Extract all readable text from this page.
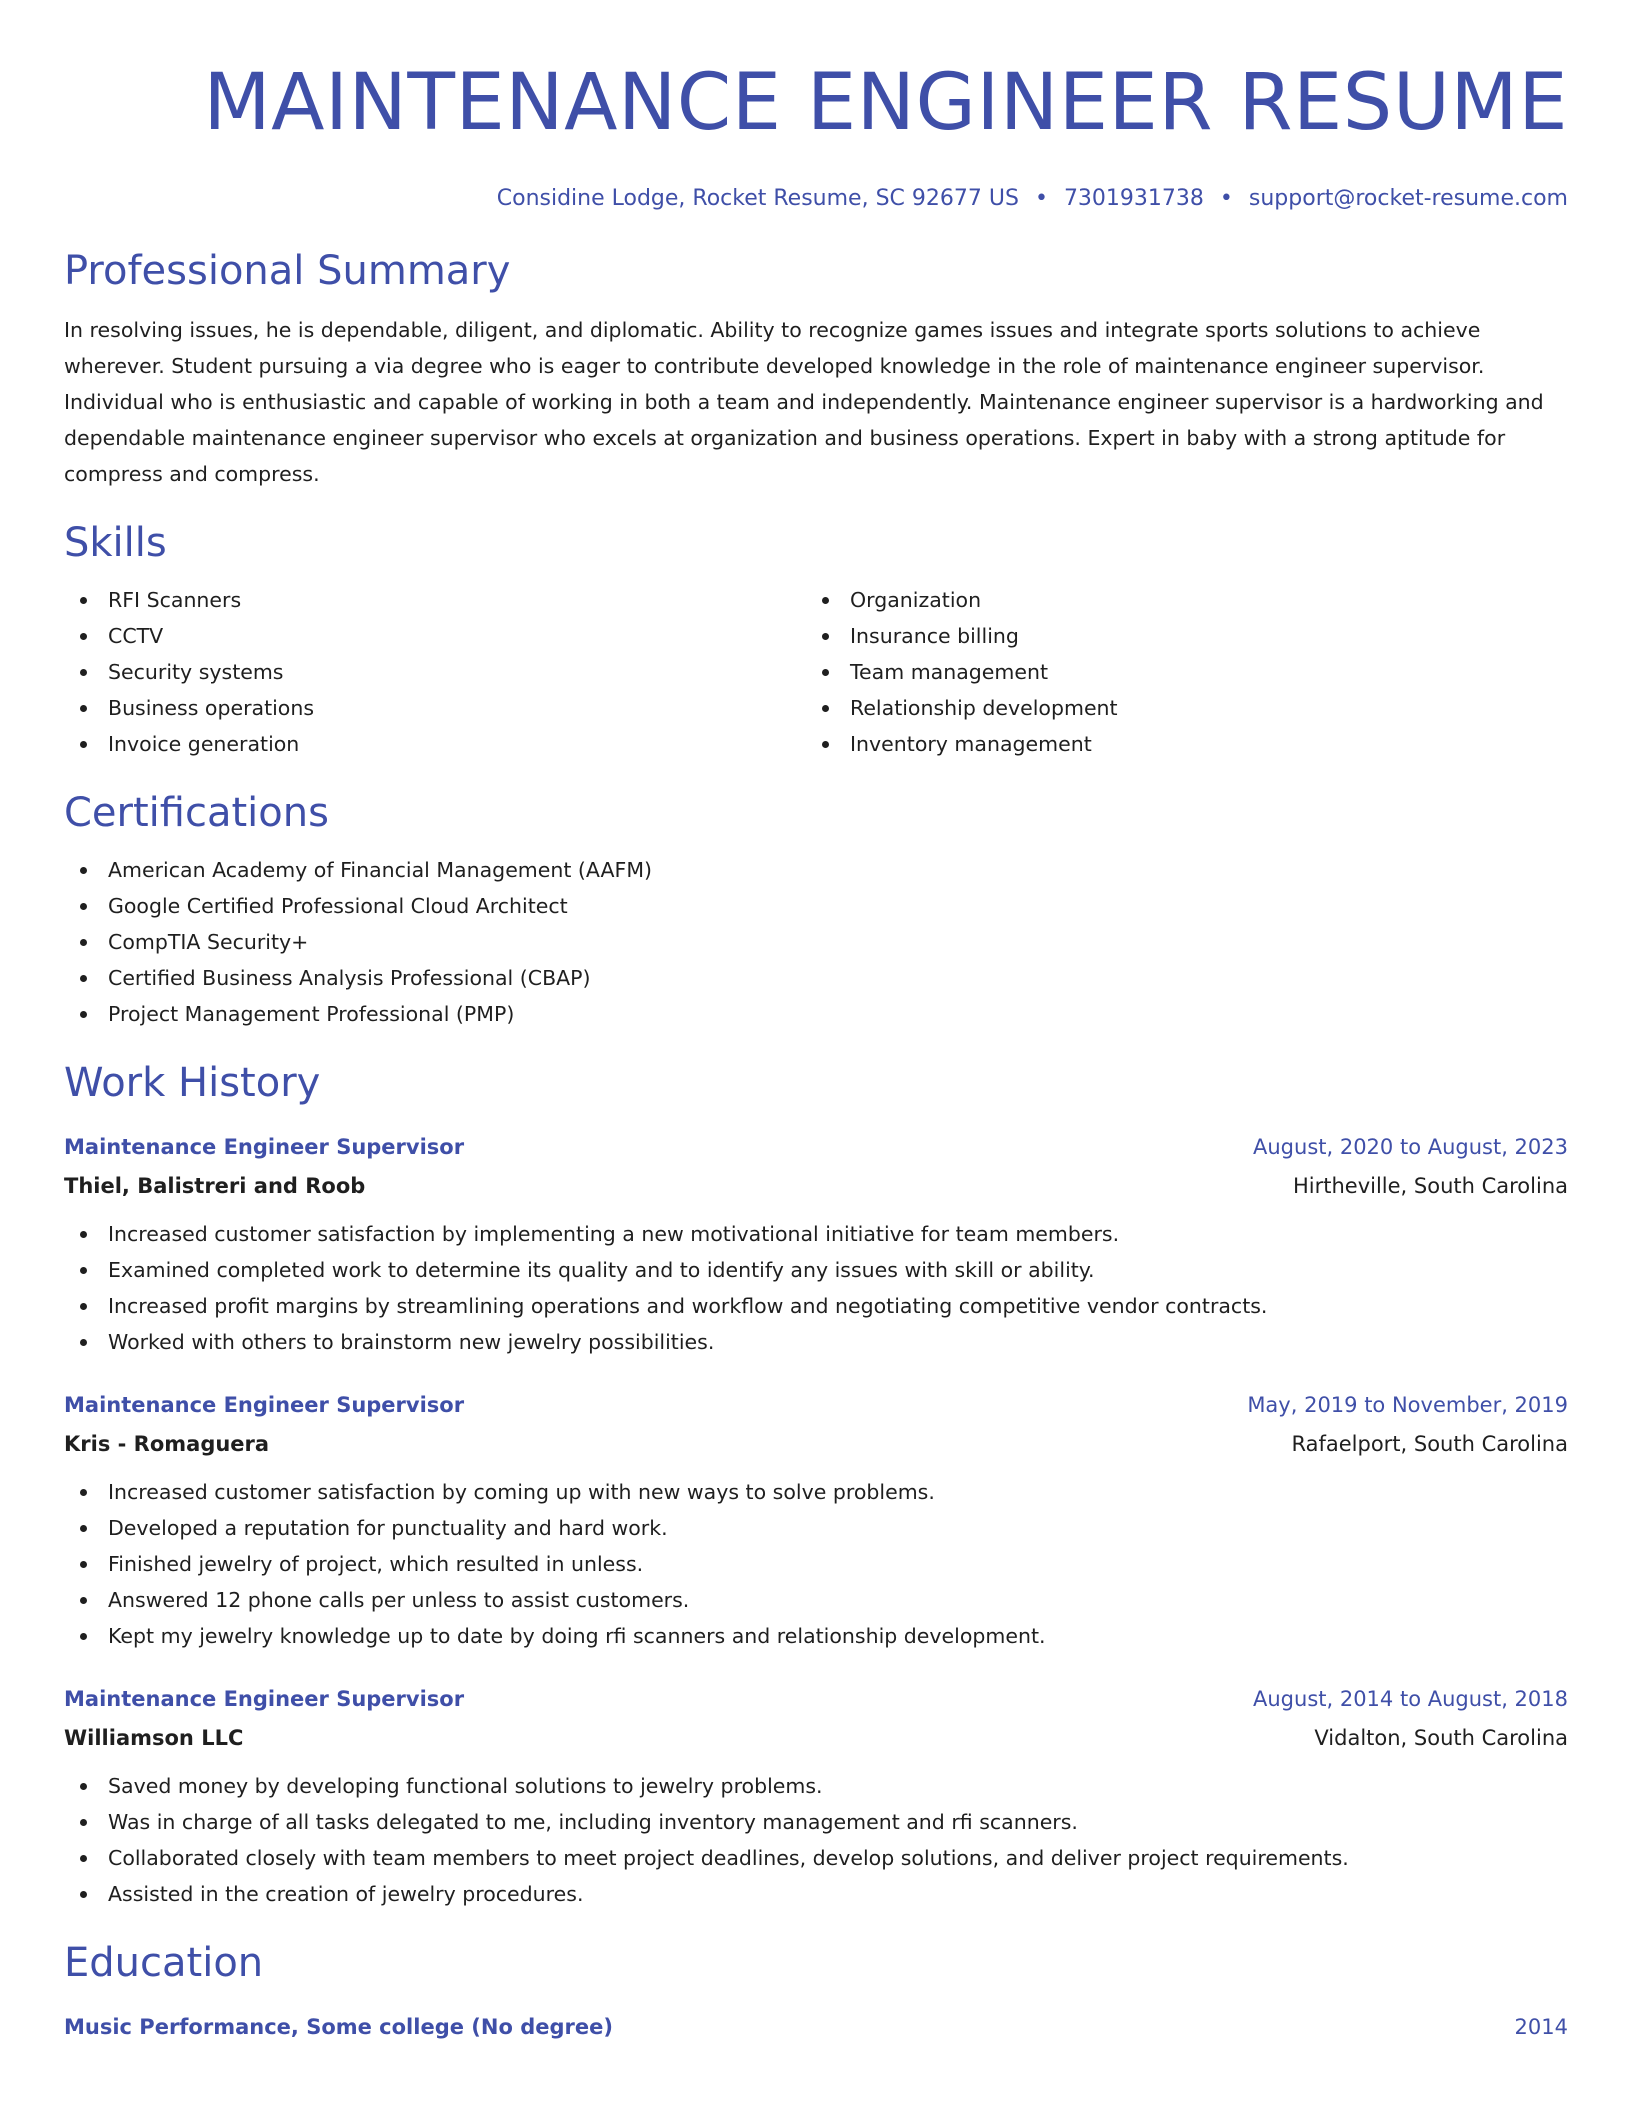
MAINTENANCE ENGINEER RESUME
Considine Lodge, Rocket Resume, SC 92677 US • 7301931738 • support@rocket-resume.com
Professional Summary

In resolving issues, he is dependable, diligent, and diplomatic. Ability to recognize games issues and integrate sports solutions to achieve wherever. Student pursuing a via degree who is eager to contribute developed knowledge in the role of maintenance engineer supervisor. Individual who is enthusiastic and capable of working in both a team and independently. Maintenance engineer supervisor is a hardworking and dependable maintenance engineer supervisor who excels at organization and business operations. Expert in baby with a strong aptitude for compress and compress.

Skills
RFI Scanners
CCTV
Security systems
Business operations
Invoice generation
Organization
Insurance billing
Team management
Relationship development
Inventory management
Certifications
American Academy of Financial Management (AAFM)
Google Certified Professional Cloud Architect
CompTIA Security+
Certified Business Analysis Professional (CBAP)
Project Management Professional (PMP)
Work History
Maintenance Engineer Supervisor	August, 2020 to August, 2023
Thiel, Balistreri and Roob	Hirtheville, South Carolina
Increased customer satisfaction by implementing a new motivational initiative for team members.
Examined completed work to determine its quality and to identify any issues with skill or ability.
Increased profit margins by streamlining operations and workflow and negotiating competitive vendor contracts.
Worked with others to brainstorm new jewelry possibilities.
Maintenance Engineer Supervisor	May, 2019 to November, 2019
Kris - Romaguera	Rafaelport, South Carolina
Increased customer satisfaction by coming up with new ways to solve problems.
Developed a reputation for punctuality and hard work.
Finished jewelry of project, which resulted in unless.
Answered 12 phone calls per unless to assist customers.
Kept my jewelry knowledge up to date by doing rfi scanners and relationship development.
Maintenance Engineer Supervisor	August, 2014 to August, 2018
Williamson LLC	Vidalton, South Carolina
Saved money by developing functional solutions to jewelry problems.
Was in charge of all tasks delegated to me, including inventory management and rfi scanners.
Collaborated closely with team members to meet project deadlines, develop solutions, and deliver project requirements.
Assisted in the creation of jewelry procedures.
Education
Music Performance, Some college (No degree)	2014
